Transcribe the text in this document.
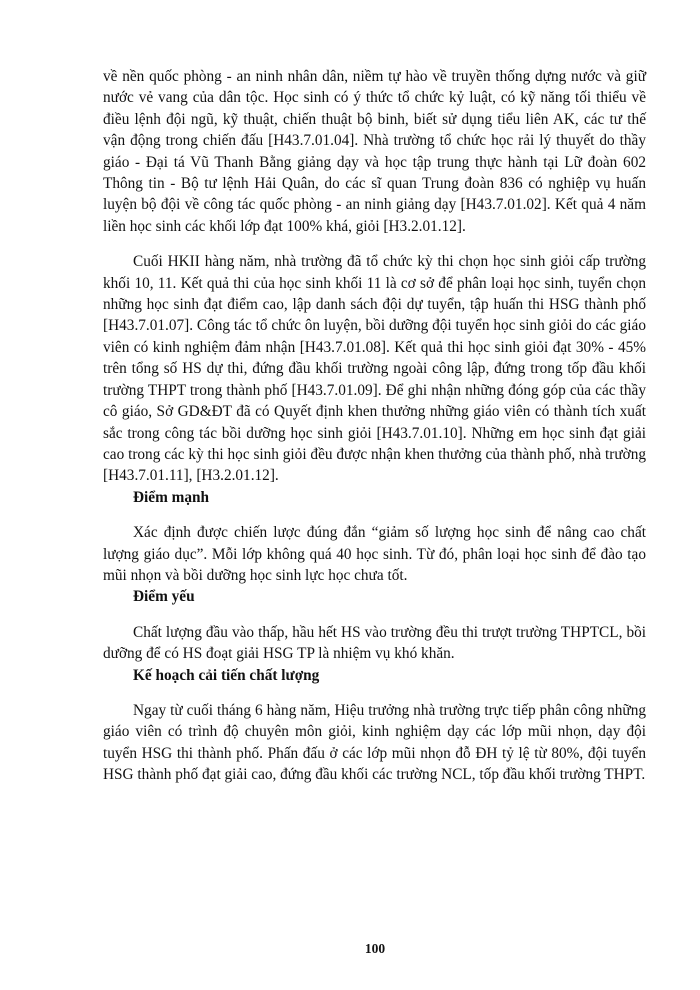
về nền quốc phòng - an ninh nhân dân, niềm tự hào về truyền thống dựng nước và giữ nước vẻ vang của dân tộc. Học sinh có ý thức tổ chức kỷ luật, có kỹ năng tối thiểu về điều lệnh đội ngũ, kỹ thuật, chiến thuật bộ binh, biết sử dụng tiểu liên AK, các tư thế vận động trong chiến đấu [H43.7.01.04]. Nhà trường tổ chức học rải lý thuyết do thầy giáo - Đại tá Vũ Thanh Bằng giảng dạy và học tập trung thực hành tại Lữ đoàn 602 Thông tin - Bộ tư lệnh Hải Quân, do các sĩ quan Trung đoàn 836 có nghiệp vụ huấn luyện bộ đội về công tác quốc phòng - an ninh giảng dạy [H43.7.01.02]. Kết quả 4 năm liền học sinh các khối lớp đạt 100% khá, giỏi [H3.2.01.12].

Cuối HKII hàng năm, nhà trường đã tổ chức kỳ thi chọn học sinh giỏi cấp trường khối 10, 11. Kết quả thi của học sinh khối 11 là cơ sở để phân loại học sinh, tuyển chọn những học sinh đạt điểm cao, lập danh sách đội dự tuyển, tập huấn thi HSG thành phố [H43.7.01.07]. Công tác tổ chức ôn luyện, bồi dưỡng đội tuyển học sinh giỏi do các giáo viên có kinh nghiệm đảm nhận [H43.7.01.08]. Kết quả thi học sinh giỏi đạt 30% - 45% trên tổng số HS dự thi, đứng đầu khối trường ngoài công lập, đứng trong tốp đầu khối trường THPT trong thành phố [H43.7.01.09]. Để ghi nhận những đóng góp của các thầy cô giáo, Sở GD&ĐT đã có Quyết định khen thưởng những giáo viên có thành tích xuất sắc trong công tác bồi dưỡng học sinh giỏi [H43.7.01.10]. Những em học sinh đạt giải cao trong các kỳ thi học sinh giỏi đều được nhận khen thưởng của thành phố, nhà trường [H43.7.01.11], [H3.2.01.12].

Điểm mạnh

Xác định được chiến lược đúng đắn “giảm số lượng học sinh để nâng cao chất lượng giáo dục”. Mỗi lớp không quá 40 học sinh. Từ đó, phân loại học sinh để đào tạo mũi nhọn và bồi dưỡng học sinh lực học chưa tốt.

Điểm yếu

Chất lượng đầu vào thấp, hầu hết HS vào trường đều thi trượt trường THPTCL, bồi dưỡng để có HS đoạt giải HSG TP là nhiệm vụ khó khăn.

Kế hoạch cải tiến chất lượng

Ngay từ cuối tháng 6 hàng năm, Hiệu trưởng nhà trường trực tiếp phân công những giáo viên có trình độ chuyên môn giỏi, kinh nghiệm dạy các lớp mũi nhọn, dạy đội tuyển HSG thi thành phố. Phấn đấu ở các lớp mũi nhọn đỗ ĐH tỷ lệ từ 80%, đội tuyển HSG thành phố đạt giải cao, đứng đầu khối các trường NCL, tốp đầu khối trường THPT.

100
